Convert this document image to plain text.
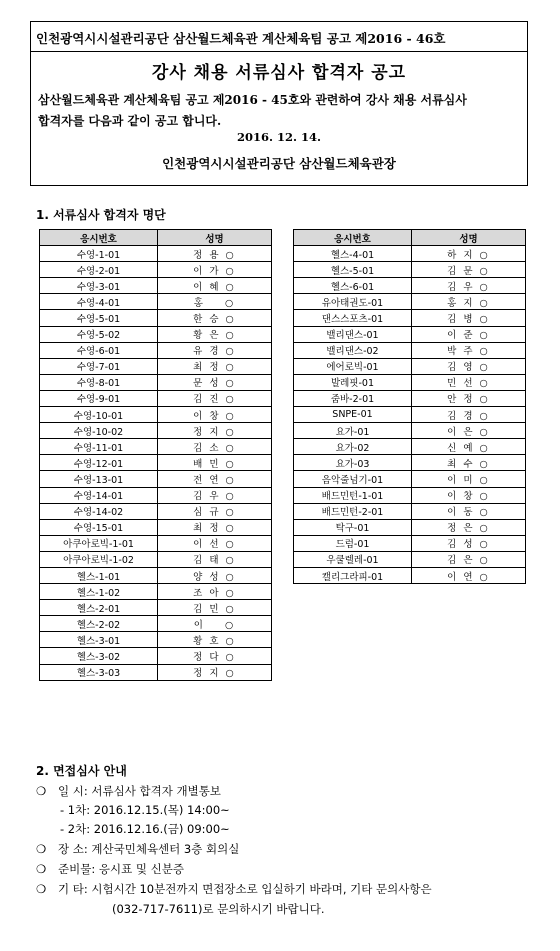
인천광역시시설관리공단 삼산월드체육관 계산체육팀 공고 제2016 - 46호
강사 채용 서류심사 합격자 공고
삼산월드체육관 계산체육팀 공고 제2016 - 45호와 관련하여 강사 채용 서류심사
합격자를 다음과 같이 공고 합니다.
2016. 12. 14.
인천광역시시설관리공단 삼산월드체육관장
1. 서류심사 합격자 명단
응시번호	성명
수영-1-01	정 용 ○
수영-2-01	이 가 ○
수영-3-01	이 혜 ○
수영-4-01	홍    ○
수영-5-01	한 승 ○
수영-5-02	황 은 ○
수영-6-01	유 경 ○
수영-7-01	최 정 ○
수영-8-01	문 성 ○
수영-9-01	김 진 ○
수영-10-01	이 창 ○
수영-10-02	정 지 ○
수영-11-01	김 소 ○
수영-12-01	배 민 ○
수영-13-01	전 연 ○
수영-14-01	김 우 ○
수영-14-02	심 규 ○
수영-15-01	최 정 ○
아쿠아로빅-1-01	이 선 ○
아쿠아로빅-1-02	김 태 ○
헬스-1-01	양 성 ○
헬스-1-02	조 아 ○
헬스-2-01	김 민 ○
헬스-2-02	이    ○
헬스-3-01	황 호 ○
헬스-3-02	정 다 ○
헬스-3-03	정 지 ○
응시번호	성명
헬스-4-01	하 지 ○
헬스-5-01	김 문 ○
헬스-6-01	김 우 ○
유아태권도-01	홍 지 ○
댄스스포츠-01	김 병 ○
밸리댄스-01	이 준 ○
밸리댄스-02	박 주 ○
에어로빅-01	김 영 ○
발레핏-01	민 선 ○
줌바-2-01	안 정 ○
SNPE-01	김 경 ○
요가-01	이 은 ○
요가-02	신 예 ○
요가-03	최 수 ○
음악줄넘기-01	이 미 ○
배드민턴-1-01	이 창 ○
배드민턴-2-01	이 동 ○
탁구-01	정 은 ○
드럼-01	김 성 ○
우쿨렐레-01	김 은 ○
캘리그라피-01	이 연 ○
2. 면접심사 안내
❍ 일 시: 서류심사 합격자 개별통보
- 1차: 2016.12.15.(목) 14:00~
- 2차: 2016.12.16.(금) 09:00~
❍ 장 소: 계산국민체육센터 3층 회의실
❍ 준비물: 응시표 및 신분증
❍ 기 타: 시험시간 10분전까지 면접장소로 입실하기 바라며, 기타 문의사항은
(032-717-7611)로 문의하시기 바랍니다.
